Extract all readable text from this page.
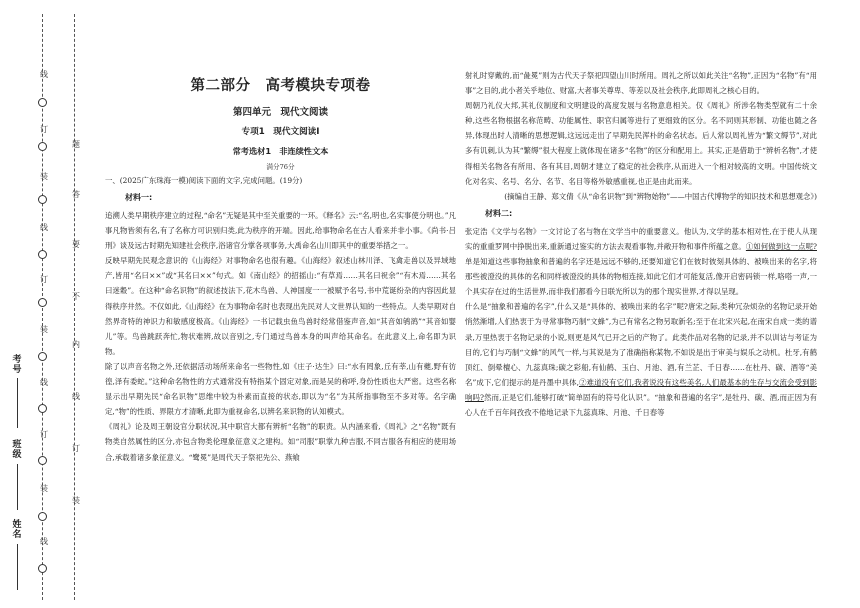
线
订
装
线
订
装
线
订
装
线
题
答
要
不
内
线
订
装
考号
班级
姓名
第二部分　高考模块专项卷
第四单元　现代文阅读
专项1　现代文阅读Ⅰ
常考选材1　非连续性文本
满分76分
一、(2025广东珠海一模)阅读下面的文字,完成问题。(19分)
材料一:

追溯人类早期秩序建立的过程,“命名”无疑是其中至关重要的一环。《释名》云:“名,明也,名实事使分明也。”凡事凡物皆须有名,有了名称方可识别归类,此为秩序的开端。因此,给事物命名在古人看来并非小事。《尚书·吕刑》谈及远古时期先知建社会秩序,浴诸官分掌各项事务,大禹命名山川即其中的重要举措之一。

反映早期先民观念意识的《山海经》对事物命名也很有趣。《山海经》叙述山林川泽、飞禽走兽以及异域地产,皆用“名曰××”或“其名曰××”句式。如《南山经》的招摇山:“有草焉……其名曰祝余”“有木焉……其名曰迷穀”。在这种“命名识物”的叙述技法下,花木鸟兽、人神国度一一被赋予名号,书中荒诞纷杂的内容因此显得秩序井然。不仅如此,《山海经》在为事物命名时也表现出先民对人文世界认知的一些特点。人类早期对自然界奇特的神识力和敏感度极高。《山海经》一书记载虫鱼鸟兽时经常借鉴声音,如“其音如鸲鹆”“其音如婴儿”等。鸟兽跳跃奔忙,物状难辨,故以音别之,专门通过鸟兽本身的叫声给其命名。在此意义上,命名即为识物。

除了以声音名物之外,还依据活动场所来命名一些物性,如《庄子·达生》曰:“水有罔象,丘有莘,山有夔,野有彷徨,泽有委蛇。”这种命名物性的方式通常没有特指某个固定对象,而是吴的称呼,身份性质也大严密。这些名称显示出早期先民“命名识物”思维中较为朴素而直接的状态,即以为“名”为其所指事物至不多对等。名字确定,“物”的性质、界限方才清晰,此即为重视命名,以辨名来识物的认知模式。

《周礼》论及周王朝设官分职状况,其中职官大都有辨析“名物”的职责。从内涵来看,《周礼》之“名物”既有物类自然属性的区分,亦包含物类伦理象征意义之建构。如“司服”职掌九种吉服,不同吉服各有相应的使用场合,承载着诸多象征意义。“鹭冕”是周代天子祭祀先公、燕飨

射礼时穿戴的,而“彘冕”则为古代天子祭祀四望山川时所用。周礼之所以如此关注“名物”,正因为“名物”有“用事”之目的,此小者关乎地位、财富,大者事关尊卑、等差以及社会秩序,此即周礼之核心目的。

周朝乃礼仪大邦,其礼仪制度和文明建设的高度发展与名物意息相关。仅《周礼》所涉名物类型就有二十余种,这些名物根据名称范畴、功能属性、职官归属等进行了更细致的区分。名不同则其形制、功能也随之各异,体现出时人清晰的思想逻辑,这远远走出了早期先民浑朴的命名状态。后人常以周礼皆为“繁文缛节”,对此多有讥刺,认为其“繁缛”很大程度上就体现在诸多“名物”的区分和配用上。其实,正是借助于“辨析名物”,才使得相关名物各有所用、各有其目,周朝才建立了稳定的社会秩序,从而进入一个相对较高的文明。中国传统文化对名实、名号、名分、名节、名目等格外敏感重视,也正是由此而来。

(摘编自王静、郑文倩《从“命名识物”到“辨物始物”——中国古代博物学的知识技术和思想观念》)

材料二:

张定浩《文学与名物》一文讨论了名与物在文学当中的重要意义。他认为,文学的基本相对性,在于使人从现实的重重罗网中挣脱出来,重新通过鉴实的方法去观看事物,并敞开物和事件所蕴之意。①如何做到这一点呢?单是知道这些事物抽象和普遍的名字还是远远不够的,还要知道它们在彼时彼刻具体的、被唤出来的名字,将那些被澄没的具体的名和同样被澄没的具体的物相连接,如此它们才可能复活,像开启密码锁一样,咯嗒一声,一个具实存在过的生活世界,而非我们都看今日联光所以为的那个现实世界,才得以呈现。

什么是“抽象和普遍的名字”,什么又是“具体的、被唤出来的名字”呢?唐宋之际,类种冗杂烦杂的名物记录开始悄然渐增,人们热衷于为寻常事物巧制“文蜂”,为己有常名之物另取新名;至于在北宋兴起,在南宋自成一类的谱录,万里热衷于名物记录的小说,则更是风气已开之后的产物了。此类作品对名物的记录,并不以训诂与考证为目的,它们与巧制“文蜂”的风气一样,与其说是为了准确指称某物,不如说是出于审美与娱乐之动机。杜牙,有鹤顶红、倒晕檀心、九蕊真珠;碳之彩船,有仙鹤、玉白、月池、酒,有兰芷、千日春……在杜丹、碳、酒等“美名”成下,它们提示的是丹墨中具体,②难道没有它们,我者说没有这些美名,人们最基本的生存与交流会受到影响吗?然而,正是它们,能够打破“简单固有的符号化认识”。“抽象和普遍的名字”,是牡丹、碳、酒,而正因为有心人在千百年间孜孜不倦地记录下九蕊真珠、月池、千日春等
